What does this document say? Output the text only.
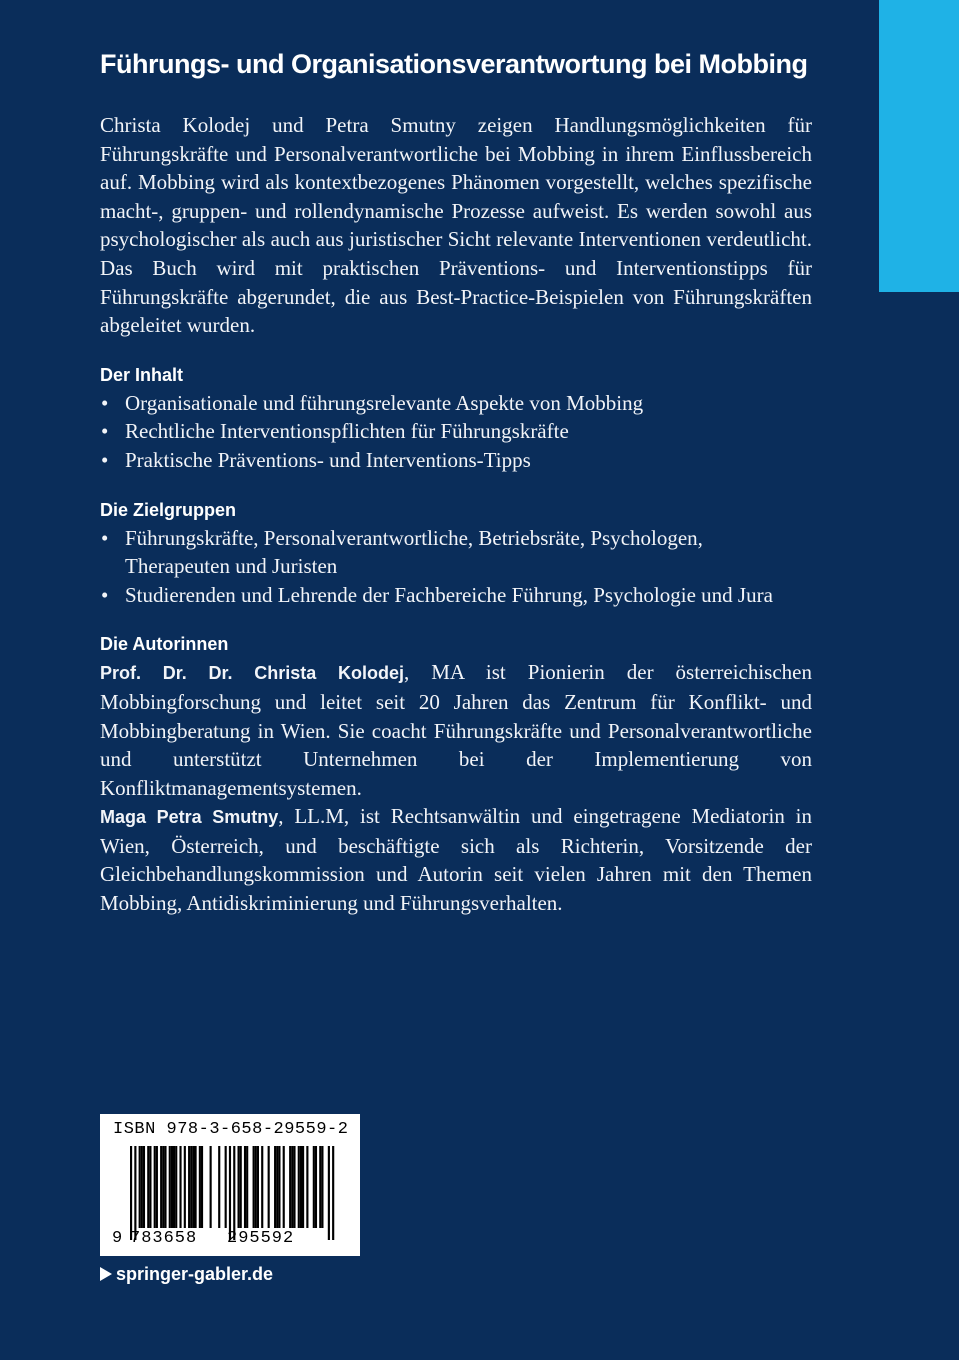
Führungs- und Organisationsverantwortung bei Mobbing

Christa Kolodej und Petra Smutny zeigen Handlungsmöglichkeiten für Führungskräfte und Personalverantwortliche bei Mobbing in ihrem Einflussbereich auf. Mobbing wird als kontextbezogenes Phänomen vorgestellt, welches spezifische macht-, gruppen- und rollendynamische Prozesse aufweist. Es werden sowohl aus psychologischer als auch aus juristischer Sicht relevante Interventionen verdeutlicht. Das Buch wird mit praktischen Präventions- und Interventionstipps für Führungskräfte abgerundet, die aus Best-Practice-Beispielen von Führungskräften abgeleitet wurden.

Der Inhalt

• Organisationale und führungsrelevante Aspekte von Mobbing
• Rechtliche Interventionspflichten für Führungskräfte
• Praktische Präventions- und Interventions-Tipps

Die Zielgruppen

• Führungskräfte, Personalverantwortliche, Betriebsräte, Psychologen, Therapeuten und Juristen
• Studierenden und Lehrende der Fachbereiche Führung, Psychologie und Jura

Die Autorinnen

Prof. Dr. Dr. Christa Kolodej, MA ist Pionierin der österreichischen Mobbingforschung und leitet seit 20 Jahren das Zentrum für Konflikt- und Mobbingberatung in Wien. Sie coacht Führungskräfte und Personalverantwortliche und unterstützt Unternehmen bei der Implementierung von Konfliktmanagementsystemen.

Maga Petra Smutny, LL.M, ist Rechtsanwältin und eingetragene Mediatorin in Wien, Österreich, und beschäftigte sich als Richterin, Vorsitzende der Gleichbehandlungskommission und Autorin seit vielen Jahren mit den Themen Mobbing, Antidiskriminierung und Führungsverhalten.

ISBN 978-3-658-29559-2
9 783658 295592
springer-gabler.de
